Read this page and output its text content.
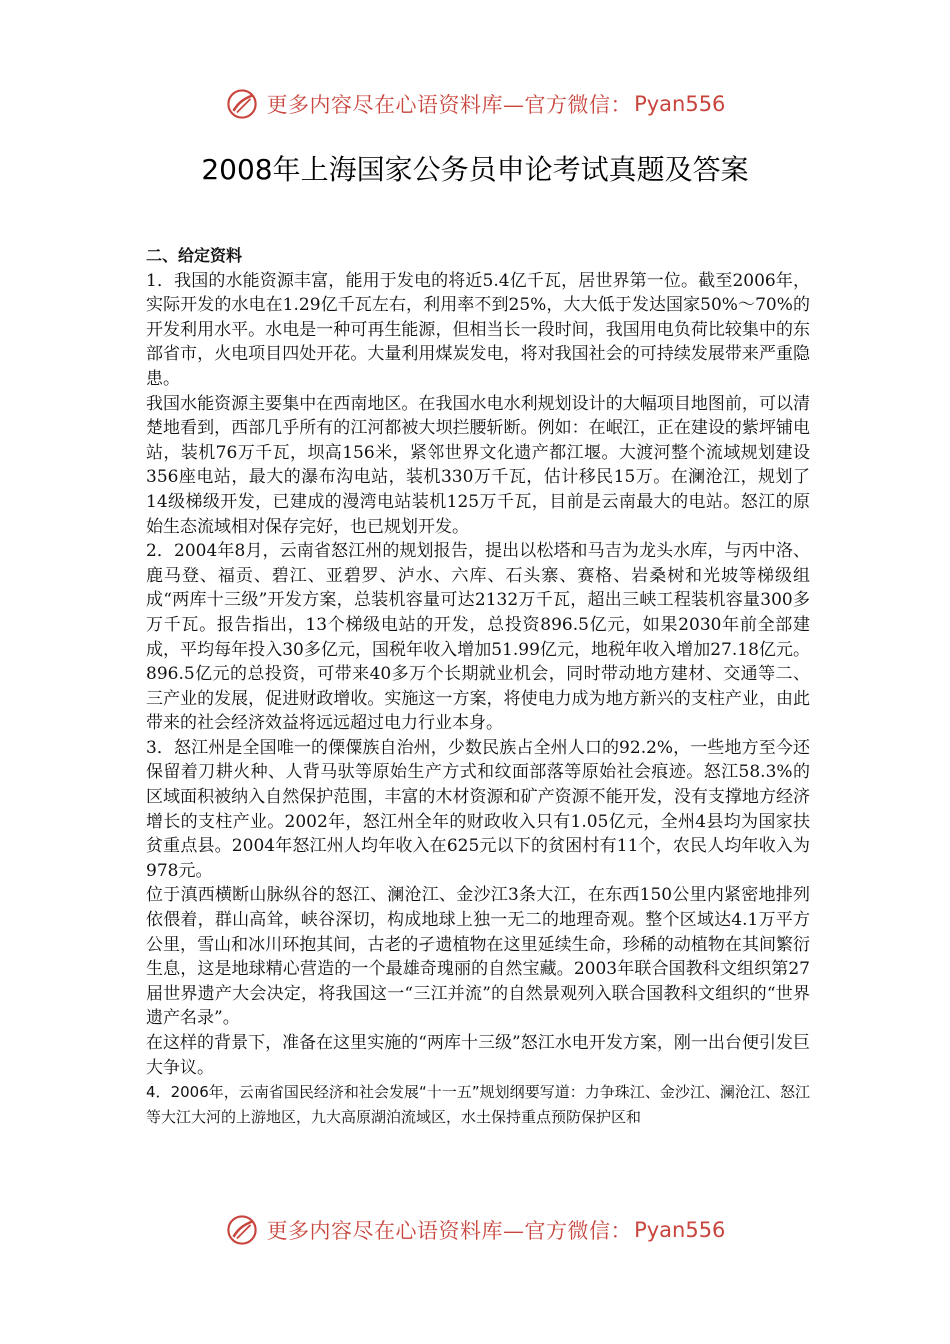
更多内容尽在心语资料库—官方微信： Pyan556
2008年上海国家公务员申论考试真题及答案
二、给定资料

1．我国的水能资源丰富，能用于发电的将近5.4亿千瓦，居世界第一位。截至2006年，实际开发的水电在1.29亿千瓦左右，利用率不到25%，大大低于发达国家50%～70%的开发利用水平。水电是一种可再生能源，但相当长一段时间，我国用电负荷比较集中的东部省市，火电项目四处开花。大量利用煤炭发电，将对我国社会的可持续发展带来严重隐患。

我国水能资源主要集中在西南地区。在我国水电水利规划设计的大幅项目地图前，可以清楚地看到，西部几乎所有的江河都被大坝拦腰斩断。例如：在岷江，正在建设的紫坪铺电站，装机76万千瓦，坝高156米，紧邻世界文化遗产都江堰。大渡河整个流域规划建设356座电站，最大的瀑布沟电站，装机330万千瓦，估计移民15万。在澜沧江，规划了14级梯级开发，已建成的漫湾电站装机125万千瓦，目前是云南最大的电站。怒江的原始生态流域相对保存完好，也已规划开发。

2．2004年8月，云南省怒江州的规划报告，提出以松塔和马吉为龙头水库，与丙中洛、鹿马登、福贡、碧江、亚碧罗、泸水、六库、石头寨、赛格、岩桑树和光坡等梯级组成“两库十三级”开发方案，总装机容量可达2132万千瓦，超出三峡工程装机容量300多万千瓦。报告指出，13个梯级电站的开发，总投资896.5亿元，如果2030年前全部建成，平均每年投入30多亿元，国税年收入增加51.99亿元，地税年收入增加27.18亿元。896.5亿元的总投资，可带来40多万个长期就业机会，同时带动地方建材、交通等二、三产业的发展，促进财政增收。实施这一方案，将使电力成为地方新兴的支柱产业，由此带来的社会经济效益将远远超过电力行业本身。

3．怒江州是全国唯一的傈僳族自治州，少数民族占全州人口的92.2%，一些地方至今还保留着刀耕火种、人背马驮等原始生产方式和纹面部落等原始社会痕迹。怒江58.3%的区域面积被纳入自然保护范围，丰富的木材资源和矿产资源不能开发，没有支撑地方经济增长的支柱产业。2002年，怒江州全年的财政收入只有1.05亿元，全州4县均为国家扶贫重点县。2004年怒江州人均年收入在625元以下的贫困村有11个，农民人均年收入为978元。

位于滇西横断山脉纵谷的怒江、澜沧江、金沙江3条大江，在东西150公里内紧密地排列依偎着，群山高耸，峡谷深切，构成地球上独一无二的地理奇观。整个区域达4.1万平方公里，雪山和冰川环抱其间，古老的孑遗植物在这里延续生命，珍稀的动植物在其间繁衍生息，这是地球精心营造的一个最雄奇瑰丽的自然宝藏。2003年联合国教科文组织第27届世界遗产大会决定，将我国这一“三江并流”的自然景观列入联合国教科文组织的“世界遗产名录”。

在这样的背景下，准备在这里实施的“两库十三级”怒江水电开发方案，刚一出台便引发巨大争议。

4．2006年，云南省国民经济和社会发展“十一五”规划纲要写道：力争珠江、金沙江、澜沧江、怒江等大江大河的上游地区，九大高原湖泊流域区，水土保持重点预防保护区和

更多内容尽在心语资料库—官方微信： Pyan556
